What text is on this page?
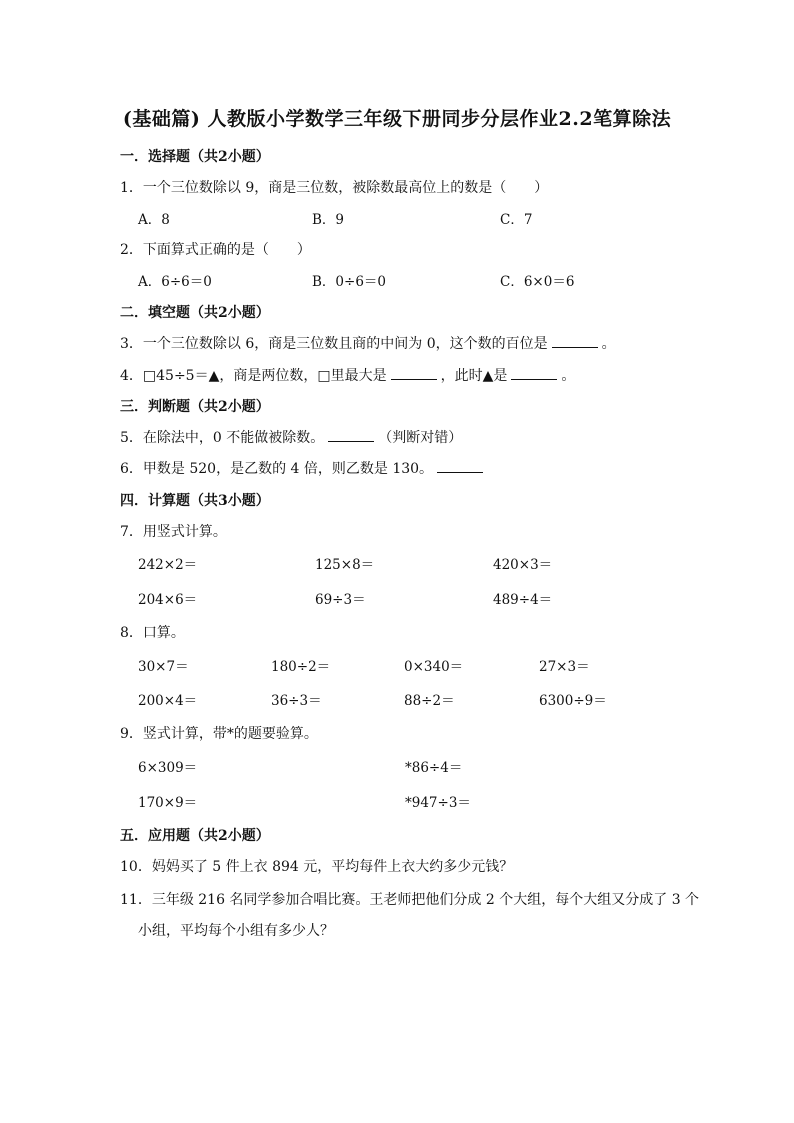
(基础篇) 人教版小学数学三年级下册同步分层作业2.2笔算除法
一．选择题（共2小题）
1．一个三位数除以 9，商是三位数，被除数最高位上的数是（　　）
A．8	B．9	C．7
2．下面算式正确的是（　　）
A．6÷6＝0	B．0÷6＝0	C．6×0＝6
二．填空题（共2小题）
3．一个三位数除以 6，商是三位数且商的中间为 0，这个数的百位是	。
4．□45÷5＝▲，商是两位数，□里最大是	，此时▲是	。
三．判断题（共2小题）
5．在除法中，0 不能做被除数。	（判断对错）
6．甲数是 520，是乙数的 4 倍，则乙数是 130。
四．计算题（共3小题）
7．用竖式计算。
242×2＝	125×8＝	420×3＝
204×6＝	69÷3＝	489÷4＝
8．口算。
30×7＝	180÷2＝	0×340＝	27×3＝
200×4＝	36÷3＝	88÷2＝	6300÷9＝
9．竖式计算，带*的题要验算。
6×309＝	*86÷4＝
170×9＝	*947÷3＝
五．应用题（共2小题）
10．妈妈买了 5 件上衣 894 元，平均每件上衣大约多少元钱？
11．三年级 216 名同学参加合唱比赛。王老师把他们分成 2 个大组，每个大组又分成了 3 个
小组，平均每个小组有多少人？
